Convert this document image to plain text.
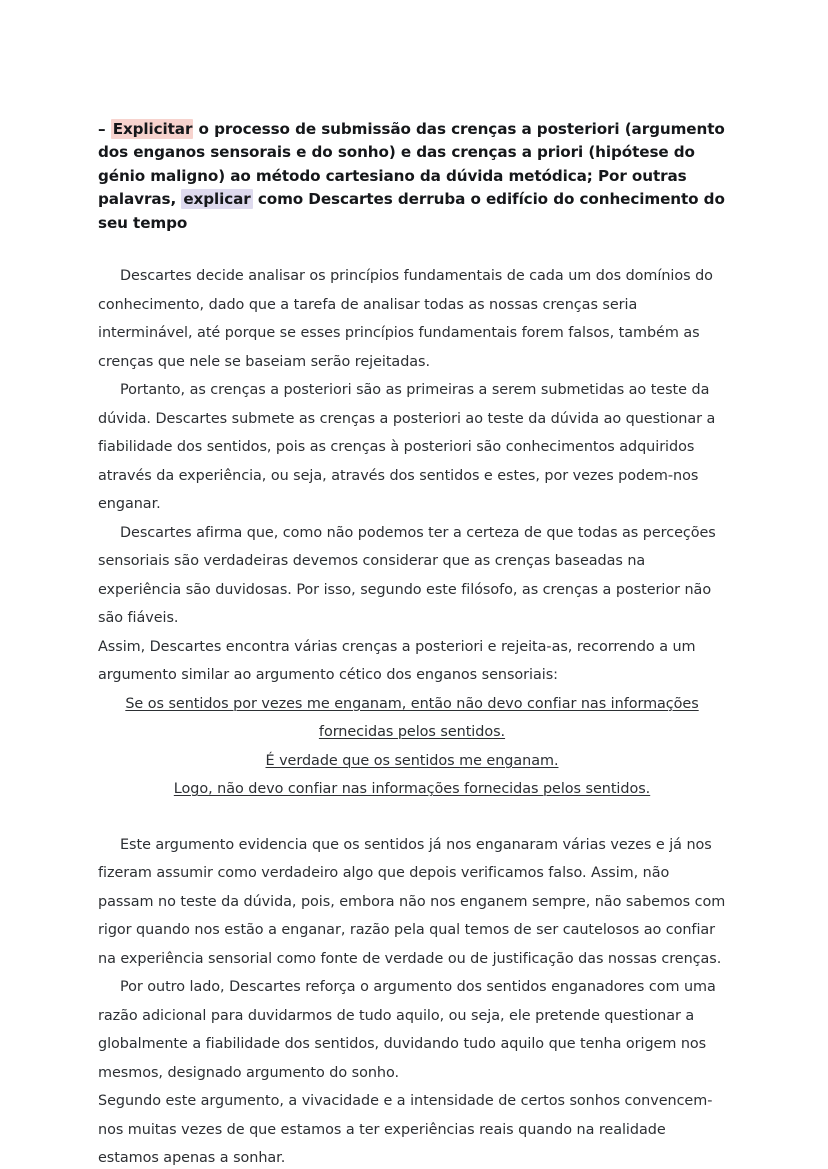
– Explicitar o processo de submissão das crenças a posteriori (argumento dos enganos sensorais e do sonho) e das crenças a priori (hipótese do génio maligno) ao método cartesiano da dúvida metódica; Por outras palavras, explicar como Descartes derruba o edifício do conhecimento do seu tempo

Descartes decide analisar os princípios fundamentais de cada um dos domínios do conhecimento, dado que a tarefa de analisar todas as nossas crenças seria interminável, até porque se esses princípios fundamentais forem falsos, também as crenças que nele se baseiam serão rejeitadas.

Portanto, as crenças a posteriori são as primeiras a serem submetidas ao teste da dúvida. Descartes submete as crenças a posteriori ao teste da dúvida ao questionar a fiabilidade dos sentidos, pois as crenças à posteriori são conhecimentos adquiridos através da experiência, ou seja, através dos sentidos e estes, por vezes podem-nos enganar.

Descartes afirma que, como não podemos ter a certeza de que todas as perceções sensoriais são verdadeiras devemos considerar que as crenças baseadas na experiência são duvidosas. Por isso, segundo este filósofo, as crenças a posterior não são fiáveis.

Assim, Descartes encontra várias crenças a posteriori e rejeita-as, recorrendo a um argumento similar ao argumento cético dos enganos sensoriais:

Se os sentidos por vezes me enganam, então não devo confiar nas informações

fornecidas pelos sentidos.

É verdade que os sentidos me enganam.

Logo, não devo confiar nas informações fornecidas pelos sentidos.

Este argumento evidencia que os sentidos já nos enganaram várias vezes e já nos fizeram assumir como verdadeiro algo que depois verificamos falso. Assim, não passam no teste da dúvida, pois, embora não nos enganem sempre, não sabemos com rigor quando nos estão a enganar, razão pela qual temos de ser cautelosos ao confiar na experiência sensorial como fonte de verdade ou de justificação das nossas crenças.

Por outro lado, Descartes reforça o argumento dos sentidos enganadores com uma razão adicional para duvidarmos de tudo aquilo, ou seja, ele pretende questionar a globalmente a fiabilidade dos sentidos, duvidando tudo aquilo que tenha origem nos mesmos, designado argumento do sonho.

Segundo este argumento, a vivacidade e a intensidade de certos sonhos convencem-nos muitas vezes de que estamos a ter experiências reais quando na realidade estamos apenas a sonhar.
